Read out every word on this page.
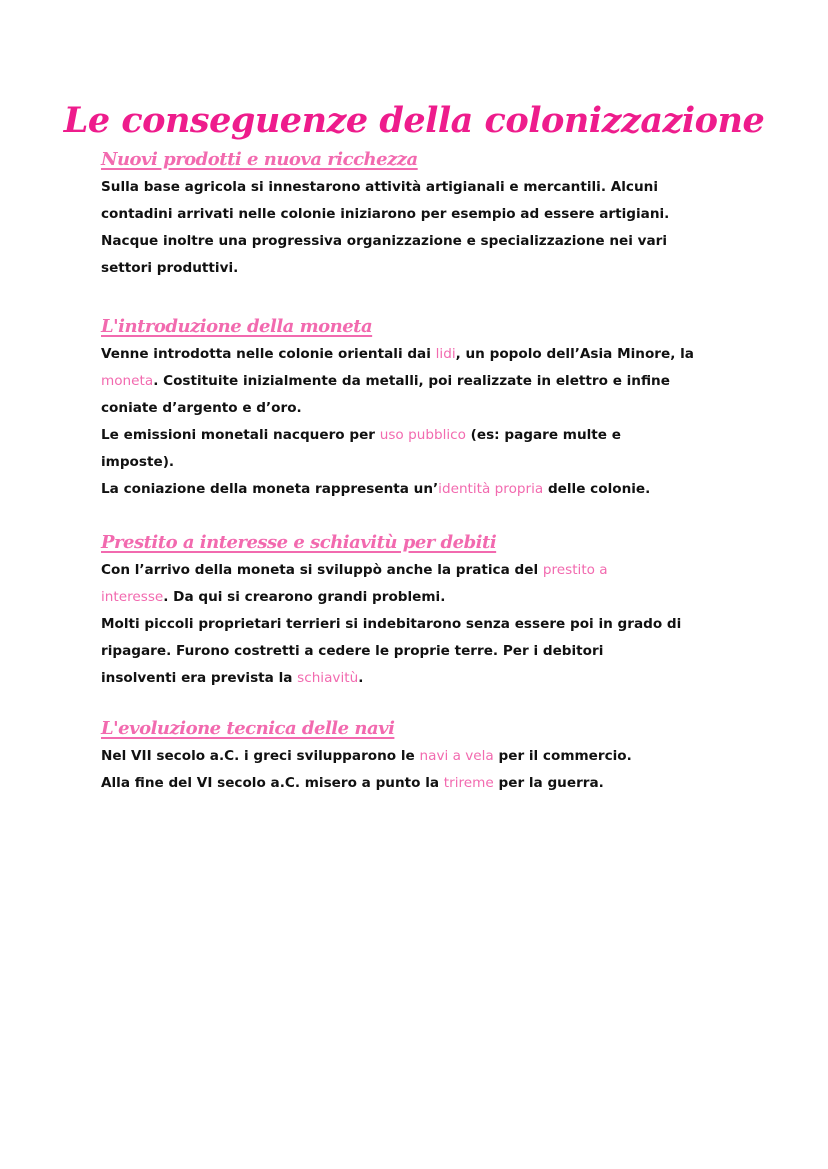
Le conseguenze della colonizzazione
Nuovi prodotti e nuova ricchezza
Sulla base agricola si innestarono attività artigianali e mercantili. Alcuni
contadini arrivati nelle colonie iniziarono per esempio ad essere artigiani.
Nacque inoltre una progressiva organizzazione e specializzazione nei vari
settori produttivi.
L'introduzione della moneta
Venne introdotta nelle colonie orientali dai lidi, un popolo dell’Asia Minore, la
moneta. Costituite inizialmente da metalli, poi realizzate in elettro e infine
coniate d’argento e d’oro.
Le emissioni monetali nacquero per uso pubblico (es: pagare multe e
imposte).
La coniazione della moneta rappresenta un’identità propria delle colonie.
Prestito a interesse e schiavitù per debiti
Con l’arrivo della moneta si sviluppò anche la pratica del prestito a
interesse. Da qui si crearono grandi problemi.
Molti piccoli proprietari terrieri si indebitarono senza essere poi in grado di
ripagare. Furono costretti a cedere le proprie terre. Per i debitori
insolventi era prevista la schiavitù.
L'evoluzione tecnica delle navi
Nel VII secolo a.C. i greci svilupparono le navi a vela per il commercio.
Alla fine del VI secolo a.C. misero a punto la trireme per la guerra.
